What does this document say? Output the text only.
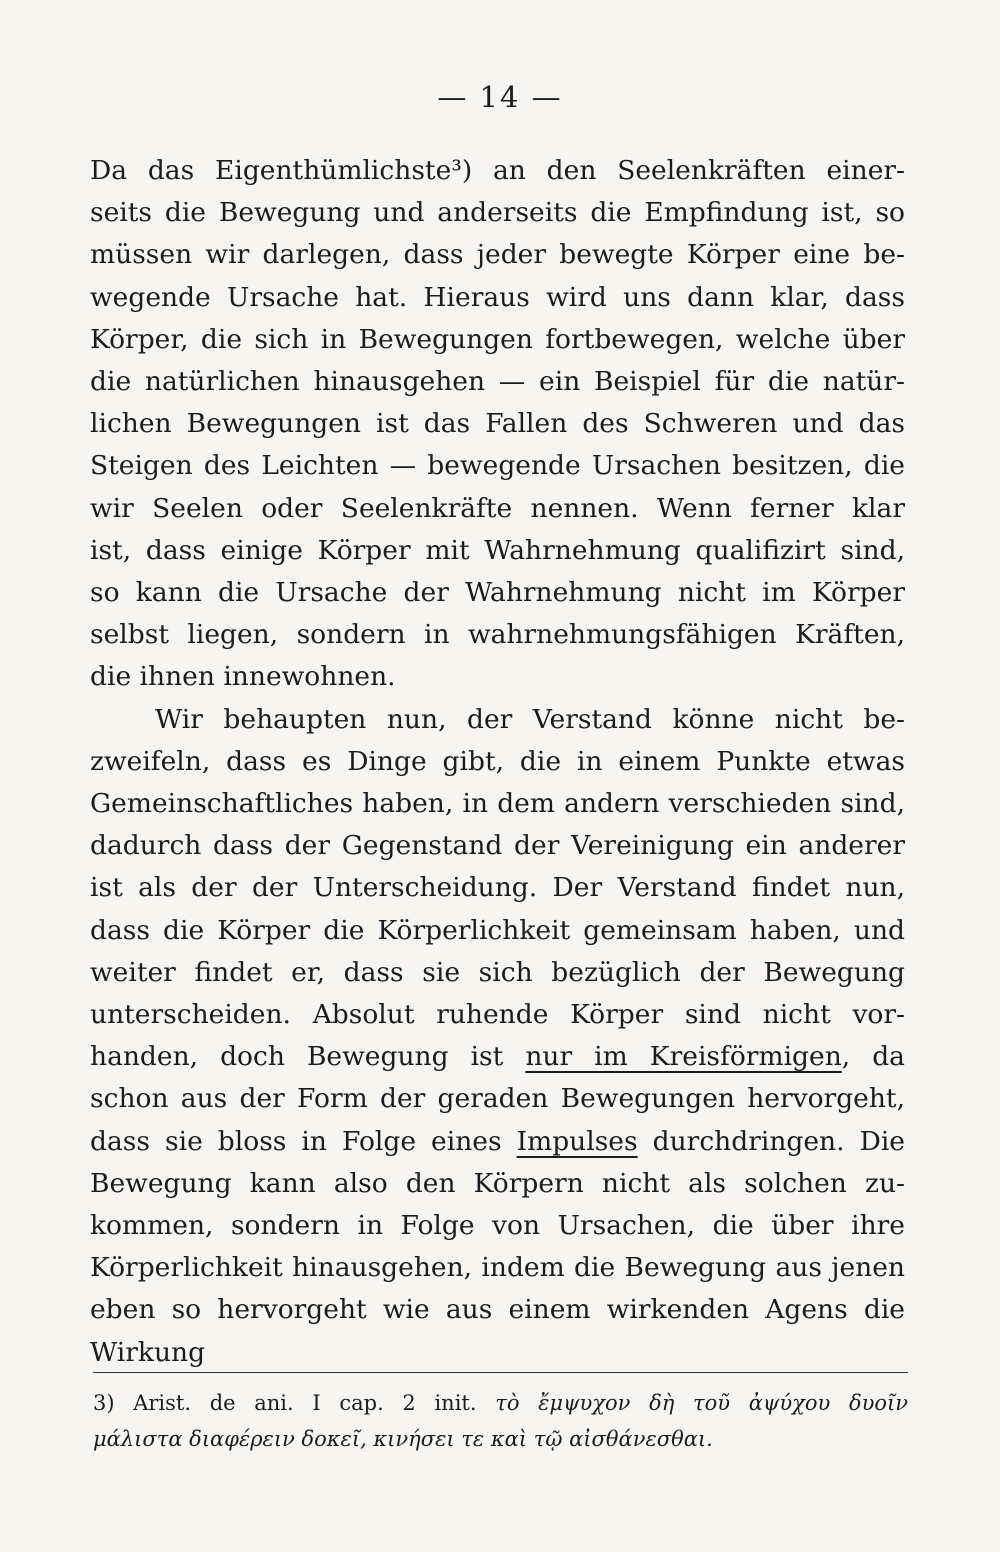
— 14 —
Da das Eigenthümlichste³) an den Seelenkräften einer-
seits die Bewegung und anderseits die Empfindung ist, so
müssen wir darlegen, dass jeder bewegte Körper eine be-
wegende Ursache hat. Hieraus wird uns dann klar, dass
Körper, die sich in Bewegungen fortbewegen, welche über
die natürlichen hinausgehen — ein Beispiel für die natür-
lichen Bewegungen ist das Fallen des Schweren und das
Steigen des Leichten — bewegende Ursachen besitzen, die
wir Seelen oder Seelenkräfte nennen. Wenn ferner klar
ist, dass einige Körper mit Wahrnehmung qualifizirt sind,
so kann die Ursache der Wahrnehmung nicht im Körper
selbst liegen, sondern in wahrnehmungsfähigen Kräften,
die ihnen innewohnen.
Wir behaupten nun, der Verstand könne nicht be-
zweifeln, dass es Dinge gibt, die in einem Punkte etwas
Gemeinschaftliches haben, in dem andern verschieden sind,
dadurch dass der Gegenstand der Vereinigung ein anderer
ist als der der Unterscheidung. Der Verstand findet nun,
dass die Körper die Körperlichkeit gemeinsam haben, und
weiter findet er, dass sie sich bezüglich der Bewegung
unterscheiden. Absolut ruhende Körper sind nicht vor-
handen, doch Bewegung ist nur im Kreisförmigen, da
schon aus der Form der geraden Bewegungen hervorgeht,
dass sie bloss in Folge eines Impulses durchdringen. Die
Bewegung kann also den Körpern nicht als solchen zu-
kommen, sondern in Folge von Ursachen, die über ihre
Körperlichkeit hinausgehen, indem die Bewegung aus jenen
eben so hervorgeht wie aus einem wirkenden Agens die
Wirkung
3) Arist. de ani. I cap. 2 init. τὸ ἔμψυχον δὴ τοῦ ἀψύχου δυοῖν
μάλιστα διαφέρειν δοκεῖ, κινήσει τε καὶ τῷ αἰσθάνεσθαι.
